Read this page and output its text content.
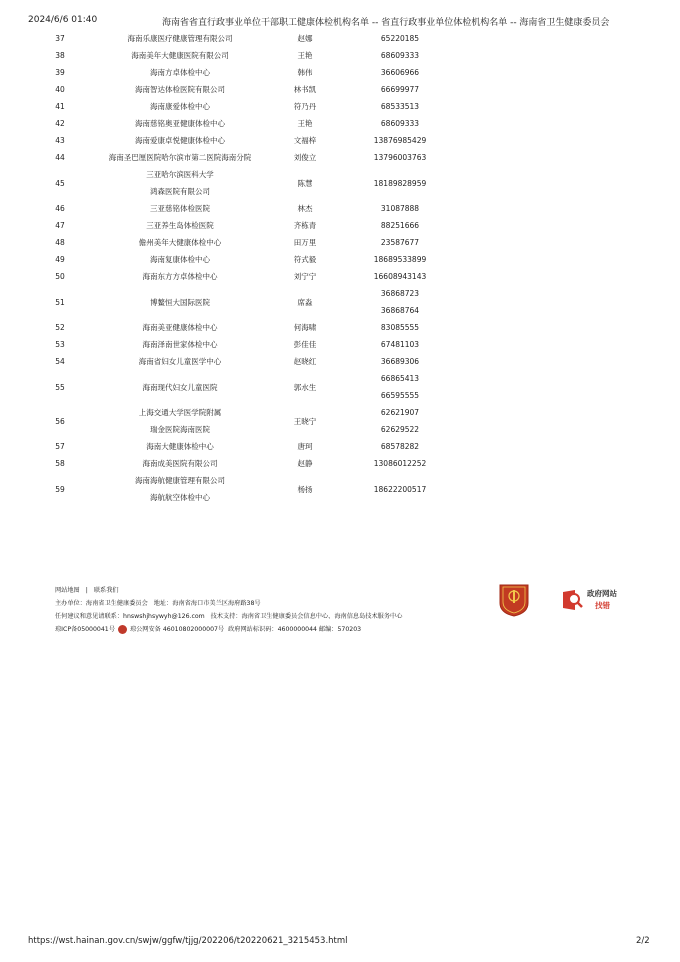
2024/6/6 01:40	海南省省直行政事业单位干部职工健康体检机构名单 -- 省直行政事业单位体检机构名单 -- 海南省卫生健康委员会
37	海南乐康医疗健康管理有限公司	赵娜	65220185

38	海南美年大健康医院有限公司	王艳	68609333

39	海南方卓体检中心	韩伟	36606966

40	海南智达体检医院有限公司	林书凯	66699977

41	海南康爱体检中心	符乃丹	68533513

42	海南慈铭奥亚健康体检中心	王艳	68609333

43	海南爱康卓悦健康体检中心	文福梓	13876985429

44	海南圣巴厘医院哈尔滨市第二医院海南分院	刘俊立	13796003763

45	三亚哈尔滨医科大学
鸿森医院有限公司	陈慧	18189828959

46	三亚慈铭体检医院	林杰	31087888

47	三亚养生岛体检医院	齐栋青	88251666

48	儋州美年大健康体检中心	田万里	23587677

49	海南复康体检中心	符式毅	18689533899

50	海南东方方卓体检中心	刘宁宁	16608943143

51	博鳌恒大国际医院	席淼	36868723
36868764

52	海南美亚健康体检中心	何海啸	83085555

53	海南泽南世家体检中心	彭佳佳	67481103

54	海南省妇女儿童医学中心	赵晓红	36689306

55	海南现代妇女儿童医院	郭水生	66865413
66595555

56	上海交通大学医学院附属
瑞金医院海南医院	王晓宁	62621907
62629522

57	海南大健康体检中心	唐珂	68578282

58	海南成美医院有限公司	赵静	13086012252

59	海南海航健康管理有限公司
海航航空体检中心	杨扬	18622200517
网站地图 | 联系我们
主办单位：海南省卫生健康委员会 地址：海南省海口市美兰区海府路38号
任何建议和意见请联系：hnswshjhsywyh@126.com 技术支持：海南省卫生健康委员会信息中心、海南信息岛技术服务中心
琼ICP备05000041号 琼公网安备 46010802000007号 政府网站标识码：4600000044 邮编：570203
政府网站
找错
https://wst.hainan.gov.cn/swjw/ggfw/tjjg/202206/t20220621_3215453.html	2/2
